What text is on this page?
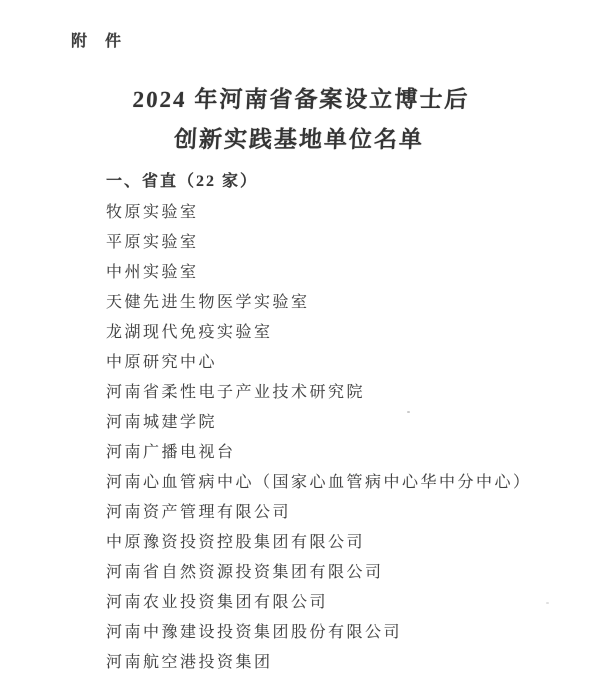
附　件
2024 年河南省备案设立博士后
创新实践基地单位名单
一、省直（22 家）
牧原实验室
平原实验室
中州实验室
天健先进生物医学实验室
龙湖现代免疫实验室
中原研究中心
河南省柔性电子产业技术研究院
河南城建学院
河南广播电视台
河南心血管病中心（国家心血管病中心华中分中心）
河南资产管理有限公司
中原豫资投资控股集团有限公司
河南省自然资源投资集团有限公司
河南农业投资集团有限公司
河南中豫建设投资集团股份有限公司
河南航空港投资集团
